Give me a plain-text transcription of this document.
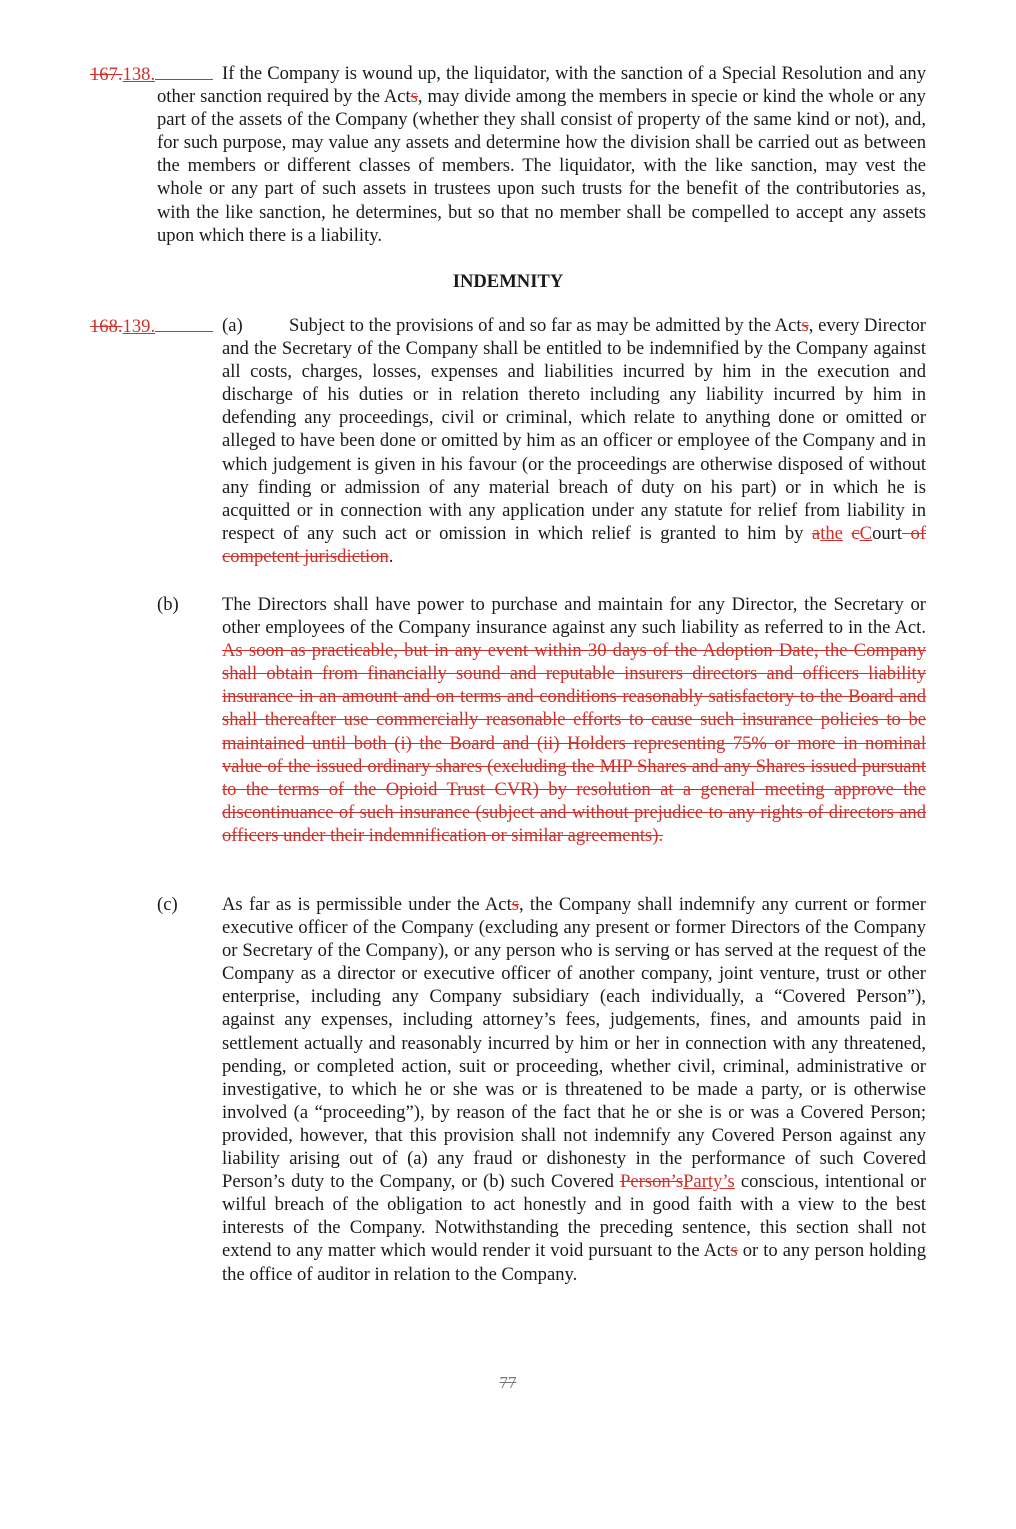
167.138.	If the Company is wound up, the liquidator, with the sanction of a Special Resolution and any other sanction required by the Acts, may divide among the members in specie or kind the whole or any part of the assets of the Company (whether they shall consist of property of the same kind or not), and, for such purpose, may value any assets and determine how the division shall be carried out as between the members or different classes of members. The liquidator, with the like sanction, may vest the whole or any part of such assets in trustees upon such trusts for the benefit of the contributories as, with the like sanction, he determines, but so that no member shall be compelled to accept any assets upon which there is a liability.

INDEMNITY
168.139.	(a)	Subject to the provisions of and so far as may be admitted by the Acts, every Director and the Secretary of the Company shall be entitled to be indemnified by the Company against all costs, charges, losses, expenses and liabilities incurred by him in the execution and discharge of his duties or in relation thereto including any liability incurred by him in defending any proceedings, civil or criminal, which relate to anything done or omitted or alleged to have been done or omitted by him as an officer or employee of the Company and in which judgement is given in his favour (or the proceedings are otherwise disposed of without any finding or admission of any material breach of duty on his part) or in which he is acquitted or in connection with any application under any statute for relief from liability in respect of any such act or omission in which relief is granted to him by athe cCourt of competent jurisdiction.

(b) The Directors shall have power to purchase and maintain for any Director, the Secretary or other employees of the Company insurance against any such liability as referred to in the Act. As soon as practicable, but in any event within 30 days of the Adoption Date, the Company shall obtain from financially sound and reputable insurers directors and officers liability insurance in an amount and on terms and conditions reasonably satisfactory to the Board and shall thereafter use commercially reasonable efforts to cause such insurance policies to be maintained until both (i) the Board and (ii) Holders representing 75% or more in nominal value of the issued ordinary shares (excluding the MIP Shares and any Shares issued pursuant to the terms of the Opioid Trust CVR) by resolution at a general meeting approve the discontinuance of such insurance (subject and without prejudice to any rights of directors and officers under their indemnification or similar agreements).

(c) As far as is permissible under the Acts, the Company shall indemnify any current or former executive officer of the Company (excluding any present or former Directors of the Company or Secretary of the Company), or any person who is serving or has served at the request of the Company as a director or executive officer of another company, joint venture, trust or other enterprise, including any Company subsidiary (each individually, a “Covered Person”), against any expenses, including attorney’s fees, judgements, fines, and amounts paid in settlement actually and reasonably incurred by him or her in connection with any threatened, pending, or completed action, suit or proceeding, whether civil, criminal, administrative or investigative, to which he or she was or is threatened to be made a party, or is otherwise involved (a “proceeding”), by reason of the fact that he or she is or was a Covered Person; provided, however, that this provision shall not indemnify any Covered Person against any liability arising out of (a) any fraud or dishonesty in the performance of such Covered Person’s duty to the Company, or (b) such Covered Person’sParty’s conscious, intentional or wilful breach of the obligation to act honestly and in good faith with a view to the best interests of the Company. Notwithstanding the preceding sentence, this section shall not extend to any matter which would render it void pursuant to the Acts or to any person holding the office of auditor in relation to the Company.

77
